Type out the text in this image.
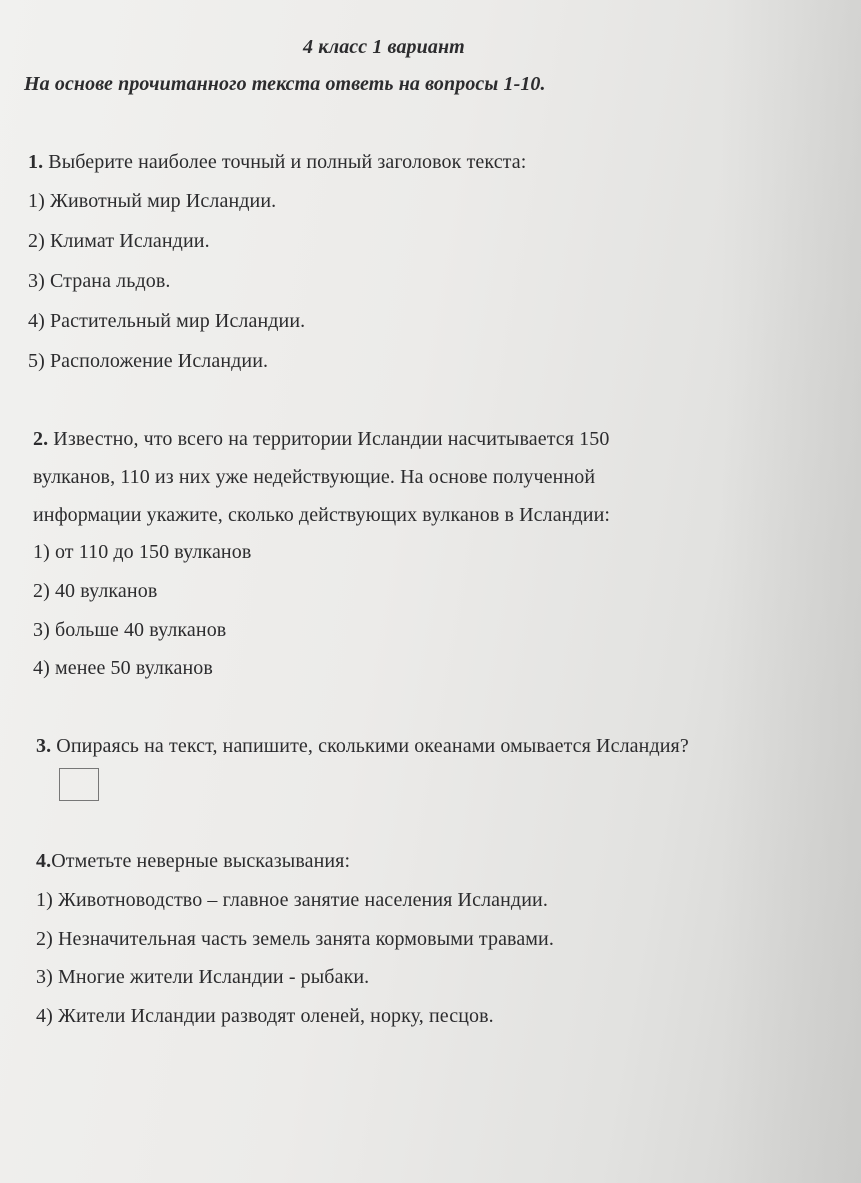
4 класс 1 вариант
На основе прочитанного текста ответь на вопросы 1-10.
1. Выберите наиболее точный и полный заголовок текста:
1) Животный мир Исландии.
2) Климат Исландии.
3) Страна льдов.
4) Растительный мир Исландии.
5) Расположение Исландии.
2. Известно, что всего на территории Исландии насчитывается 150
вулканов, 110 из них уже недействующие. На основе полученной
информации укажите, сколько действующих вулканов в Исландии:
1) от 110 до 150 вулканов
2) 40 вулканов
3) больше 40 вулканов
4) менее 50 вулканов
3. Опираясь на текст, напишите, сколькими океанами омывается Исландия?
4.Отметьте неверные высказывания:
1) Животноводство – главное занятие населения Исландии.
2) Незначительная часть земель занята кормовыми травами.
3) Многие жители Исландии - рыбаки.
4) Жители Исландии разводят оленей, норку, песцов.
